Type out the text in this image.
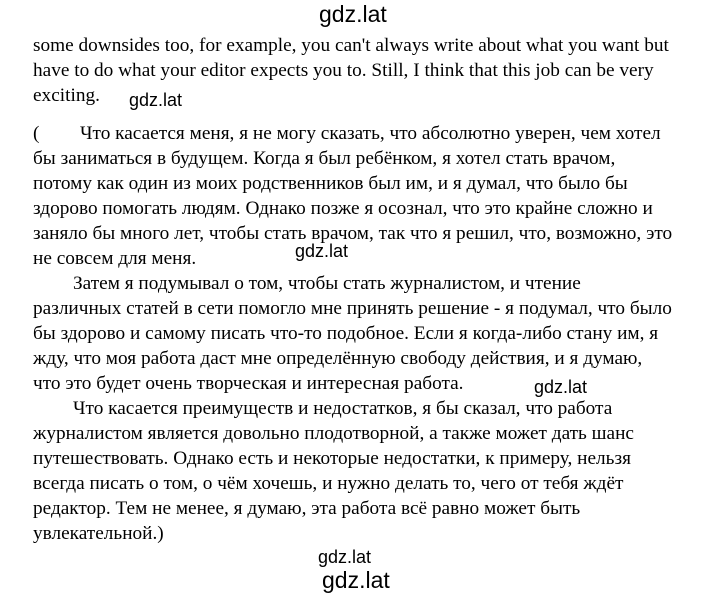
gdz.lat
some downsides too, for example, you can't always write about what you want but
have to do what your editor expects you to. Still, I think that this job can be very
exciting.	gdz.lat
( Что касается меня, я не могу сказать, что абсолютно уверен, чем хотел
бы заниматься в будущем. Когда я был ребёнком, я хотел стать врачом,
потому как один из моих родственников был им, и я думал, что было бы
здорово помогать людям. Однако позже я осознал, что это крайне сложно и
заняло бы много лет, чтобы стать врачом, так что я решил, что, возможно, это
не совсем для меня.
Затем я подумывал о том, чтобы стать журналистом, и чтение
различных статей в сети помогло мне принять решение - я подумал, что было
бы здорово и самому писать что-то подобное. Если я когда-либо стану им, я
жду, что моя работа даст мне определённую свободу действия, и я думаю,
что это будет очень творческая и интересная работа.
Что касается преимуществ и недостатков, я бы сказал, что работа
журналистом является довольно плодотворной, а также может дать шанс
путешествовать. Однако есть и некоторые недостатки, к примеру, нельзя
всегда писать о том, о чём хочешь, и нужно делать то, чего от тебя ждёт
редактор. Тем не менее, я думаю, эта работа всё равно может быть
увлекательной.)
gdz.lat
gdz.lat
gdz.lat
gdz.lat
